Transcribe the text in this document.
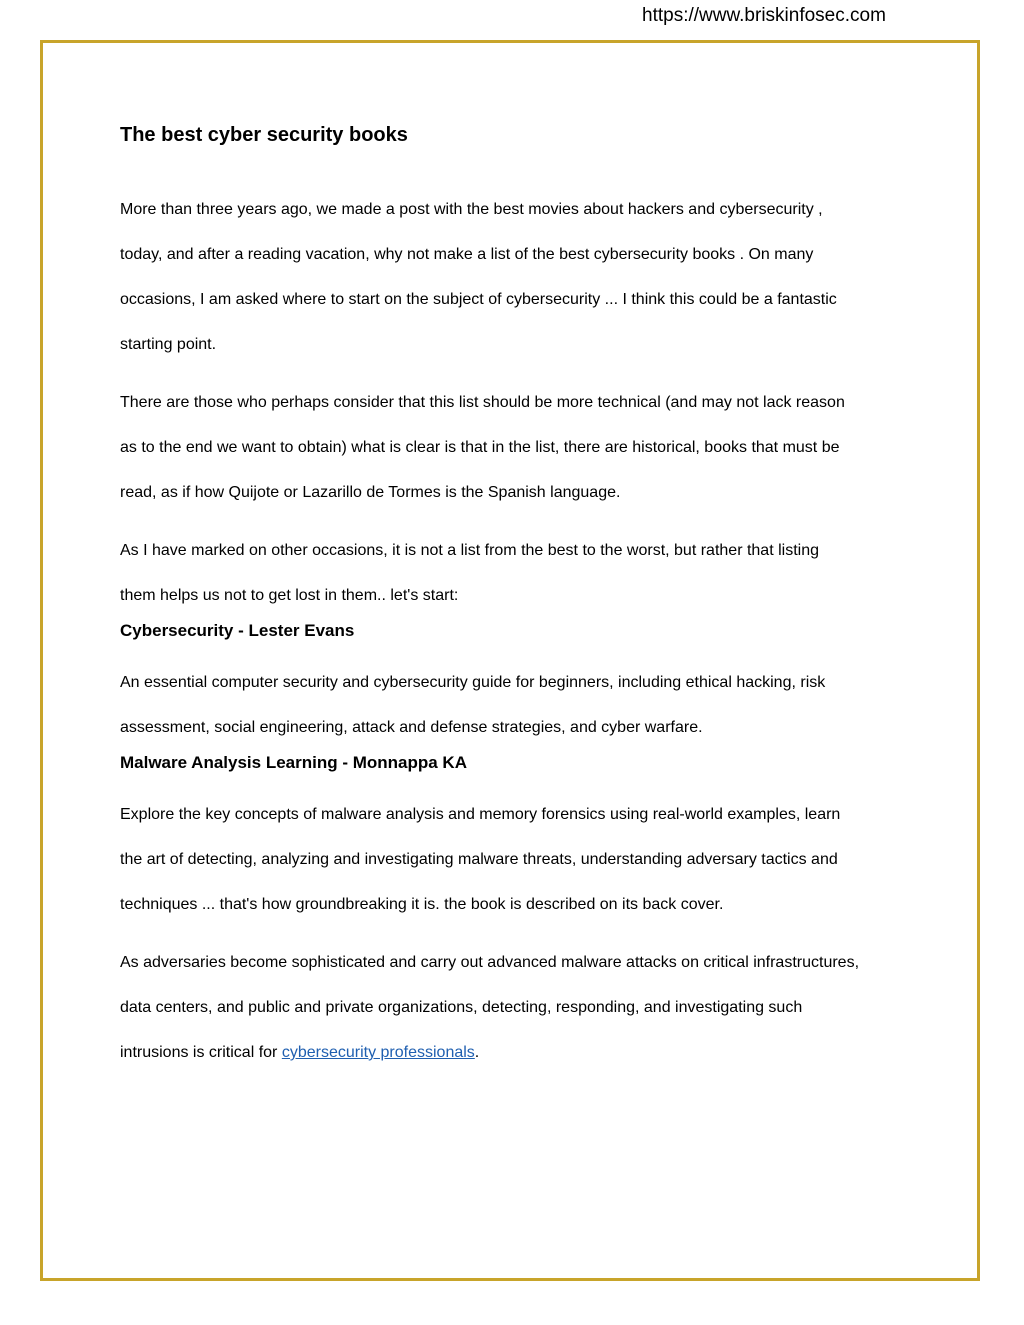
https://www.briskinfosec.com
The best cyber security books

More than three years ago, we made a post with the best movies about hackers and cybersecurity ,
today, and after a reading vacation, why not make a list of the best cybersecurity books . On many
occasions, I am asked where to start on the subject of cybersecurity ... I think this could be a fantastic
starting point.

There are those who perhaps consider that this list should be more technical (and may not lack reason
as to the end we want to obtain) what is clear is that in the list, there are historical, books that must be
read, as if how Quijote or Lazarillo de Tormes is the Spanish language.

As I have marked on other occasions, it is not a list from the best to the worst, but rather that listing
them helps us not to get lost in them.. let's start:

Cybersecurity - Lester Evans

An essential computer security and cybersecurity guide for beginners, including ethical hacking, risk
assessment, social engineering, attack and defense strategies, and cyber warfare.

Malware Analysis Learning - Monnappa KA

Explore the key concepts of malware analysis and memory forensics using real-world examples, learn
the art of detecting, analyzing and investigating malware threats, understanding adversary tactics and
techniques ... that's how groundbreaking it is. the book is described on its back cover.

As adversaries become sophisticated and carry out advanced malware attacks on critical infrastructures,
data centers, and public and private organizations, detecting, responding, and investigating such
intrusions is critical for cybersecurity professionals.
